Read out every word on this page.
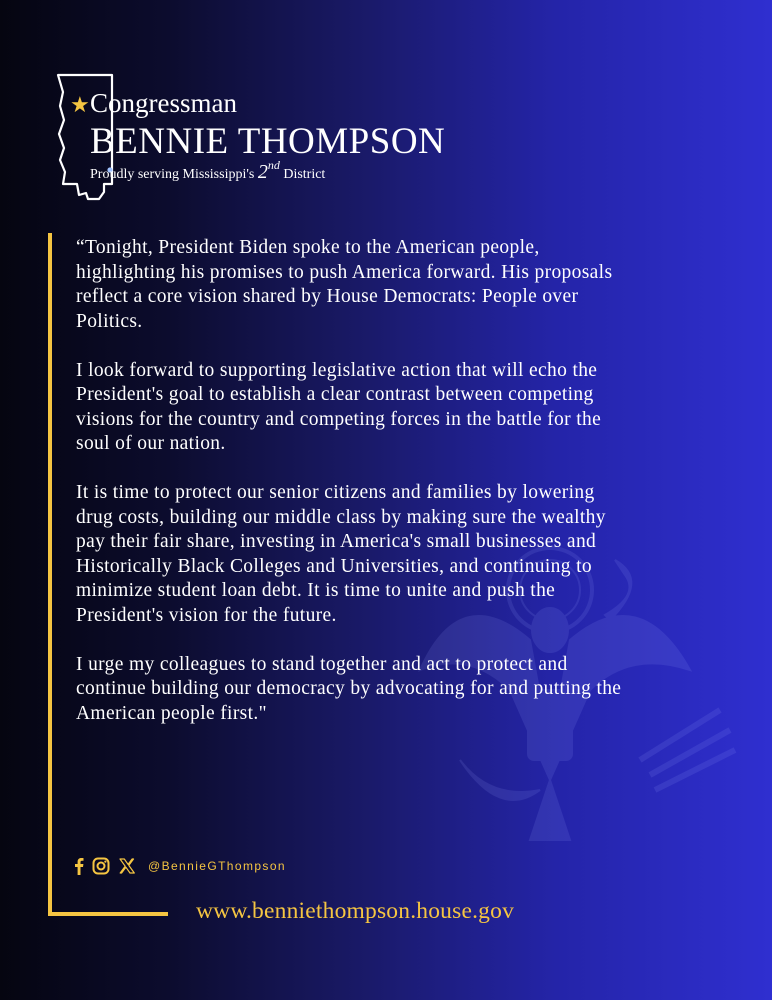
★ Congressman
BENNIE THOMPSON
Proudly serving Mississippi's 2nd District

“Tonight, President Biden spoke to the American people, highlighting his promises to push America forward. His proposals reflect a core vision shared by House Democrats: People over Politics.

I look forward to supporting legislative action that will echo the President's goal to establish a clear contrast between competing visions for the country and competing forces in the battle for the soul of our nation.

It is time to protect our senior citizens and families by lowering drug costs, building our middle class by making sure the wealthy pay their fair share, investing in America's small businesses and Historically Black Colleges and Universities, and continuing to minimize student loan debt. It is time to unite and push the President's vision for the future.

I urge my colleagues to stand together and act to protect and continue building our democracy by advocating for and putting the American people first."

@BennieGThompson
www.benniethompson.house.gov
